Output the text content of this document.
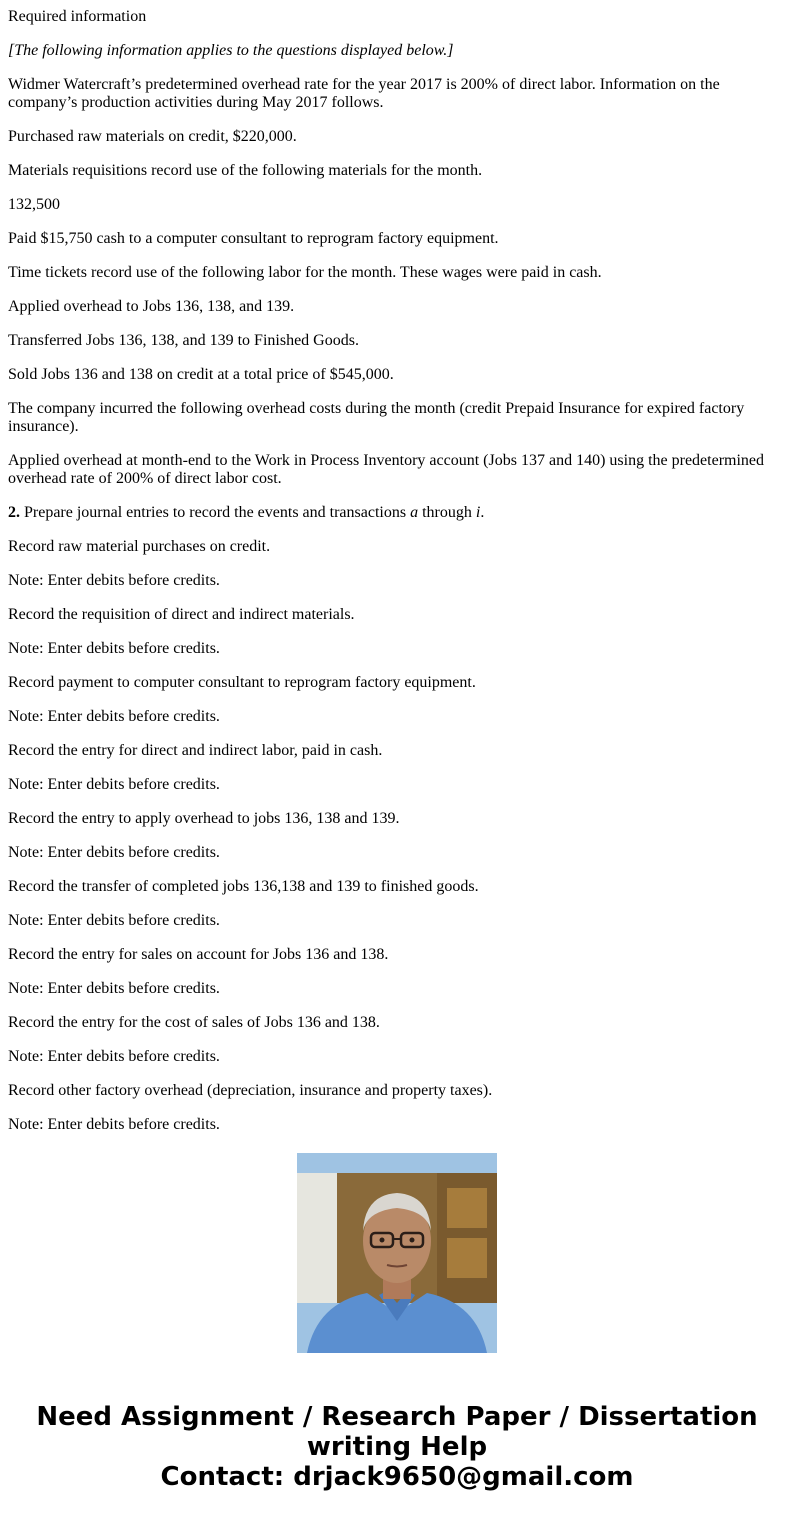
Required information

[The following information applies to the questions displayed below.]

Widmer Watercraft’s predetermined overhead rate for the year 2017 is 200% of direct labor. Information on the company’s production activities during May 2017 follows.

Purchased raw materials on credit, $220,000.

Materials requisitions record use of the following materials for the month.

132,500

Paid $15,750 cash to a computer consultant to reprogram factory equipment.

Time tickets record use of the following labor for the month. These wages were paid in cash.

Applied overhead to Jobs 136, 138, and 139.

Transferred Jobs 136, 138, and 139 to Finished Goods.

Sold Jobs 136 and 138 on credit at a total price of $545,000.

The company incurred the following overhead costs during the month (credit Prepaid Insurance for expired factory insurance).

Applied overhead at month-end to the Work in Process Inventory account (Jobs 137 and 140) using the predetermined overhead rate of 200% of direct labor cost.

2. Prepare journal entries to record the events and transactions a through i.

Record raw material purchases on credit.

Note: Enter debits before credits.

Record the requisition of direct and indirect materials.

Note: Enter debits before credits.

Record payment to computer consultant to reprogram factory equipment.

Note: Enter debits before credits.

Record the entry for direct and indirect labor, paid in cash.

Note: Enter debits before credits.

Record the entry to apply overhead to jobs 136, 138 and 139.

Note: Enter debits before credits.

Record the transfer of completed jobs 136,138 and 139 to finished goods.

Note: Enter debits before credits.

Record the entry for sales on account for Jobs 136 and 138.

Note: Enter debits before credits.

Record the entry for the cost of sales of Jobs 136 and 138.

Note: Enter debits before credits.

Record other factory overhead (depreciation, insurance and property taxes).

Note: Enter debits before credits.

Need Assignment / Research Paper / Dissertation
writing Help
Contact: drjack9650@gmail.com
